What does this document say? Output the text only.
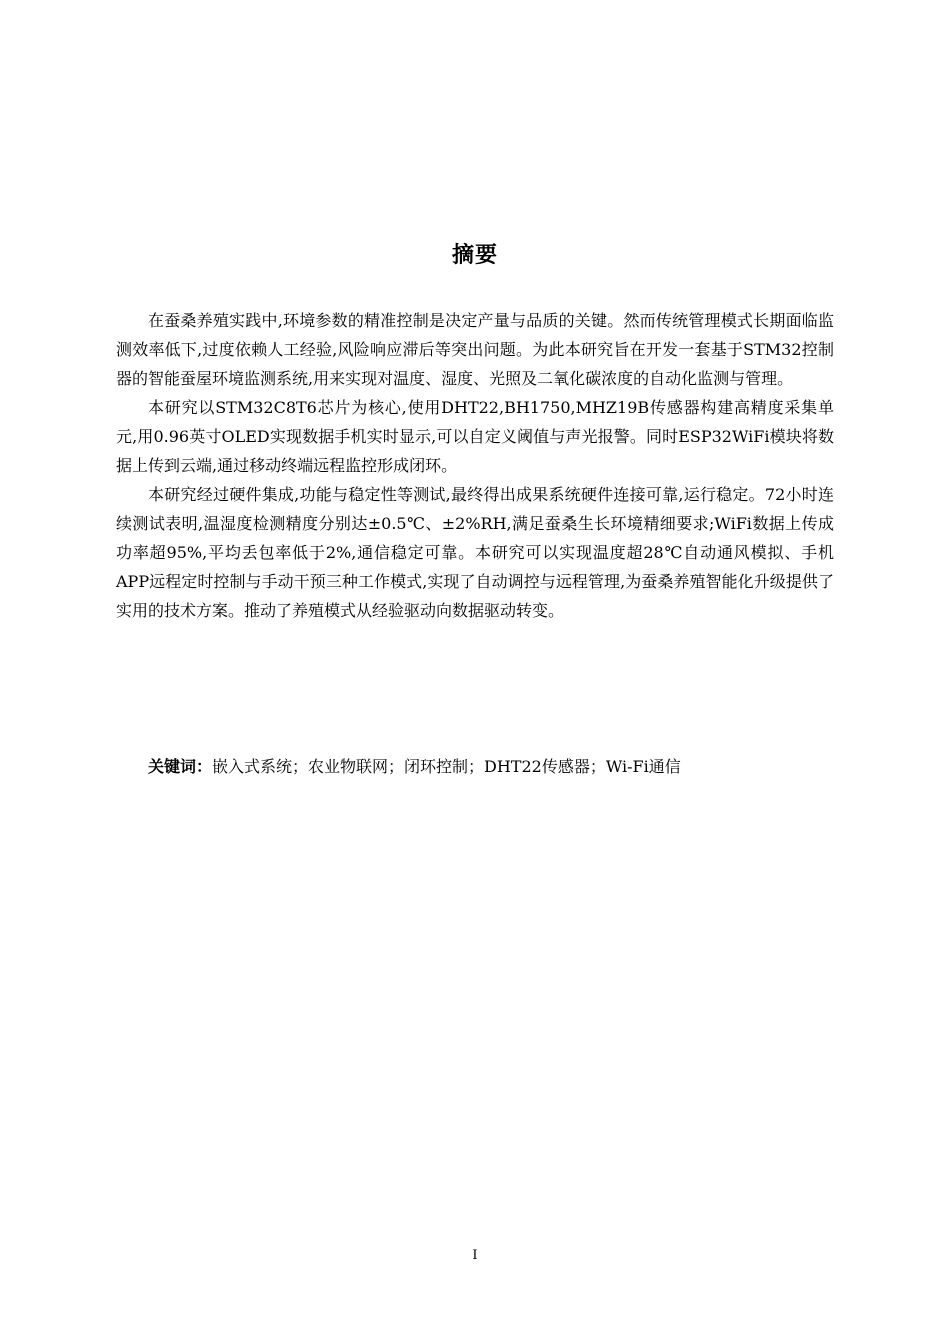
摘要

在蚕桑养殖实践中,环境参数的精准控制是决定产量与品质的关键。然而传统管理模式长期面临监测效率低下,过度依赖人工经验,风险响应滞后等突出问题。为此本研究旨在开发一套基于STM32控制器的智能蚕屋环境监测系统,用来实现对温度、湿度、光照及二氧化碳浓度的自动化监测与管理。

本研究以STM32C8T6芯片为核心,使用DHT22,BH1750,MHZ19B传感器构建高精度采集单元,用0.96英寸OLED实现数据手机实时显示,可以自定义阈值与声光报警。同时ESP32WiFi模块将数据上传到云端,通过移动终端远程监控形成闭环。

本研究经过硬件集成,功能与稳定性等测试,最终得出成果系统硬件连接可靠,运行稳定。72小时连续测试表明,温湿度检测精度分别达±0.5℃、±2%RH,满足蚕桑生长环境精细要求;WiFi数据上传成功率超95%,平均丢包率低于2%,通信稳定可靠。本研究可以实现温度超28℃自动通风模拟、手机APP远程定时控制与手动干预三种工作模式,实现了自动调控与远程管理,为蚕桑养殖智能化升级提供了实用的技术方案。推动了养殖模式从经验驱动向数据驱动转变。

关键词：嵌入式系统；农业物联网；闭环控制；DHT22传感器；Wi-Fi通信
I
